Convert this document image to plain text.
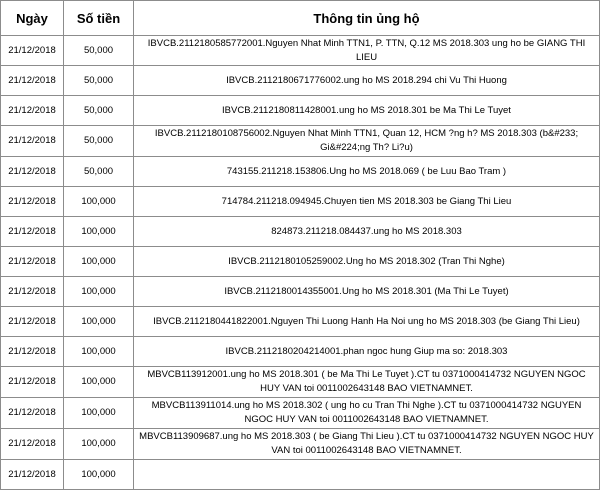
Ngày	Số tiền	Thông tin ủng hộ
21/12/2018	50,000	IBVCB.2112180585772001.Nguyen Nhat Minh TTN1, P. TTN, Q.12 MS 2018.303 ung ho be GIANG THI LIEU
21/12/2018	50,000	IBVCB.2112180671776002.ung ho MS 2018.294 chi Vu Thi Huong
21/12/2018	50,000	IBVCB.2112180811428001.ung ho MS 2018.301 be Ma Thi Le Tuyet
21/12/2018	50,000	IBVCB.2112180108756002.Nguyen Nhat Minh TTN1, Quan 12, HCM ?ng h? MS 2018.303 (b&#233; Gi&#224;ng Th? Li?u)
21/12/2018	50,000	743155.211218.153806.Ung ho MS 2018.069 ( be Luu Bao Tram )
21/12/2018	100,000	714784.211218.094945.Chuyen tien MS 2018.303 be Giang Thi Lieu
21/12/2018	100,000	824873.211218.084437.ung ho MS 2018.303
21/12/2018	100,000	IBVCB.2112180105259002.Ung ho MS 2018.302 (Tran Thi Nghe)
21/12/2018	100,000	IBVCB.2112180014355001.Ung ho MS 2018.301 (Ma Thi Le Tuyet)
21/12/2018	100,000	IBVCB.2112180441822001.Nguyen Thi Luong Hanh Ha Noi ung ho MS 2018.303 (be Giang Thi Lieu)
21/12/2018	100,000	IBVCB.2112180204214001.phan ngoc hung Giup ma so: 2018.303
21/12/2018	100,000	MBVCB113912001.ung ho MS 2018.301 ( be Ma Thi Le Tuyet ).CT tu 0371000414732 NGUYEN NGOC HUY VAN toi 0011002643148 BAO VIETNAMNET.
21/12/2018	100,000	MBVCB113911014.ung ho MS 2018.302 ( ung ho cu Tran Thi Nghe ).CT tu 0371000414732 NGUYEN NGOC HUY VAN toi 0011002643148 BAO VIETNAMNET.
21/12/2018	100,000	MBVCB113909687.ung ho MS 2018.303 ( be Giang Thi Lieu ).CT tu 0371000414732 NGUYEN NGOC HUY VAN toi 0011002643148 BAO VIETNAMNET.
21/12/2018	100,000	
